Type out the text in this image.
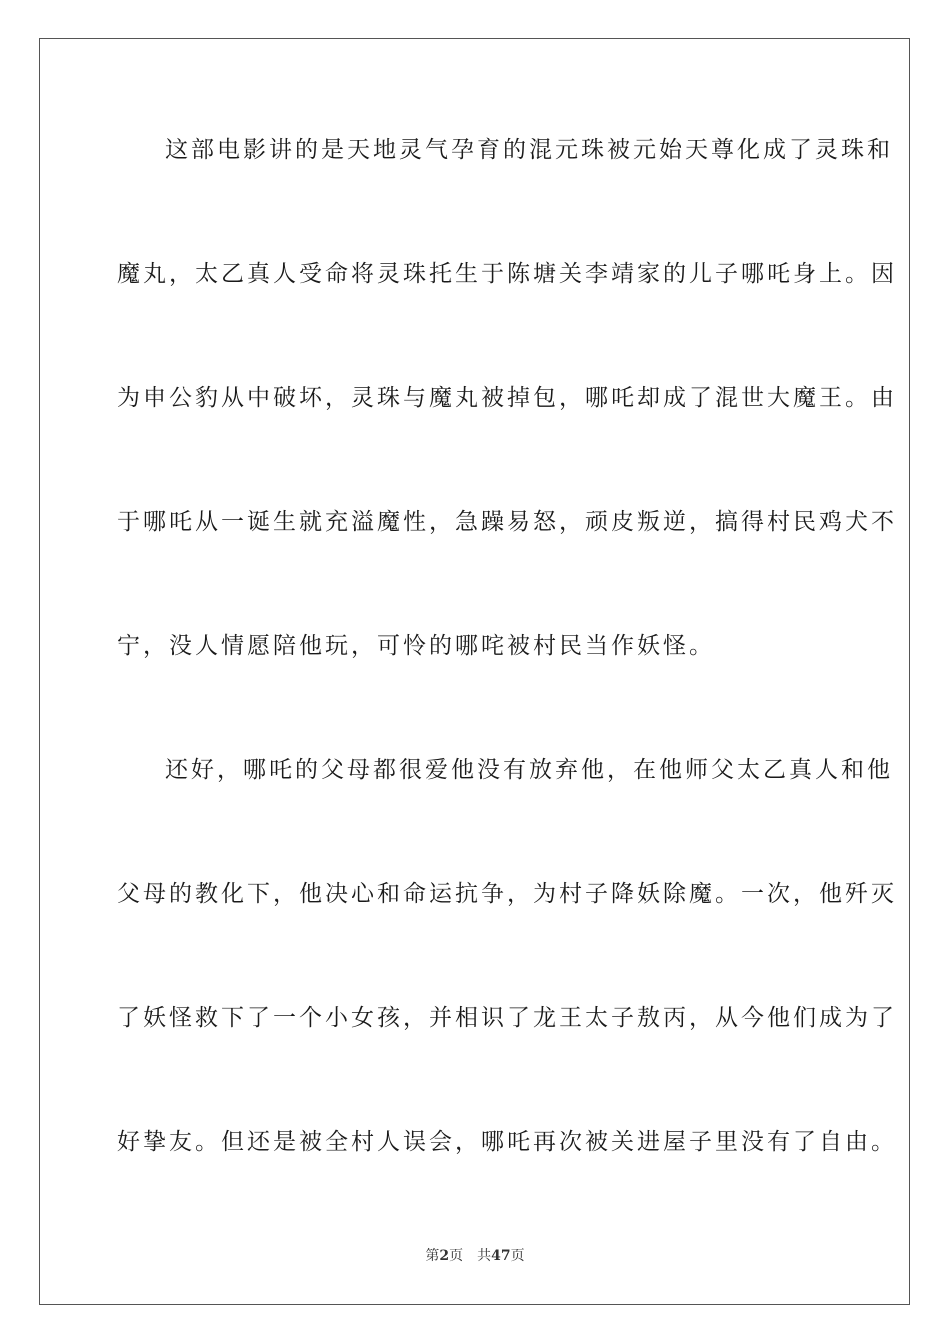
这部电影讲的是天地灵气孕育的混元珠被元始天尊化成了灵珠和
魔丸，太乙真人受命将灵珠托生于陈塘关李靖家的儿子哪吒身上。因
为申公豹从中破坏，灵珠与魔丸被掉包，哪吒却成了混世大魔王。由
于哪吒从一诞生就充溢魔性，急躁易怒，顽皮叛逆，搞得村民鸡犬不
宁，没人情愿陪他玩，可怜的哪咤被村民当作妖怪。
还好，哪吒的父母都很爱他没有放弃他，在他师父太乙真人和他
父母的教化下，他决心和命运抗争，为村子降妖除魔。一次，他歼灭
了妖怪救下了一个小女孩，并相识了龙王太子敖丙，从今他们成为了
好挚友。但还是被全村人误会，哪吒再次被关进屋子里没有了自由。
第2页 共47页
